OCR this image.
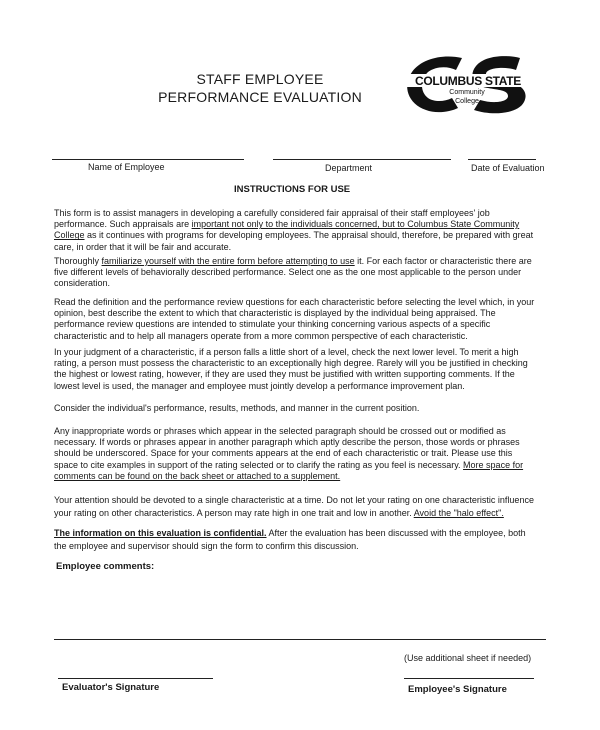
STAFF EMPLOYEE
PERFORMANCE EVALUATION
COLUMBUS STATE
Community
College
Name of Employee	Department	Date of Evaluation
INSTRUCTIONS FOR USE
This form is to assist managers in developing a carefully considered fair appraisal of their staff employees' job performance. Such appraisals are important not only to the individuals concerned, but to Columbus State Community College as it continues with programs for developing employees. The appraisal should, therefore, be prepared with great care, in order that it will be fair and accurate.
Thoroughly familiarize yourself with the entire form before attempting to use it. For each factor or characteristic there are five different levels of behaviorally described performance. Select one as the one most applicable to the person under consideration.
Read the definition and the performance review questions for each characteristic before selecting the level which, in your opinion, best describe the extent to which that characteristic is displayed by the individual being appraised. The performance review questions are intended to stimulate your thinking concerning various aspects of a specific characteristic and to help all managers operate from a more common perspective of each characteristic.
In your judgment of a characteristic, if a person falls a little short of a level, check the next lower level. To merit a high rating, a person must possess the characteristic to an exceptionally high degree. Rarely will you be justified in checking the highest or lowest rating, however, if they are used they must be justified with written supporting comments. If the lowest level is used, the manager and employee must jointly develop a performance improvement plan.
Consider the individual's performance, results, methods, and manner in the current position.
Any inappropriate words or phrases which appear in the selected paragraph should be crossed out or modified as necessary. If words or phrases appear in another paragraph which aptly describe the person, those words or phrases should be underscored. Space for your comments appears at the end of each characteristic or trait. Please use this space to cite examples in support of the rating selected or to clarify the rating as you feel is necessary. More space for comments can be found on the back sheet or attached to a supplement.
Your attention should be devoted to a single characteristic at a time. Do not let your rating on one characteristic influence your rating on other characteristics. A person may rate high in one trait and low in another. Avoid the "halo effect".
The information on this evaluation is confidential. After the evaluation has been discussed with the employee, both the employee and supervisor should sign the form to confirm this discussion.
Employee comments:
(Use additional sheet if needed)
Evaluator's Signature	Employee's Signature
